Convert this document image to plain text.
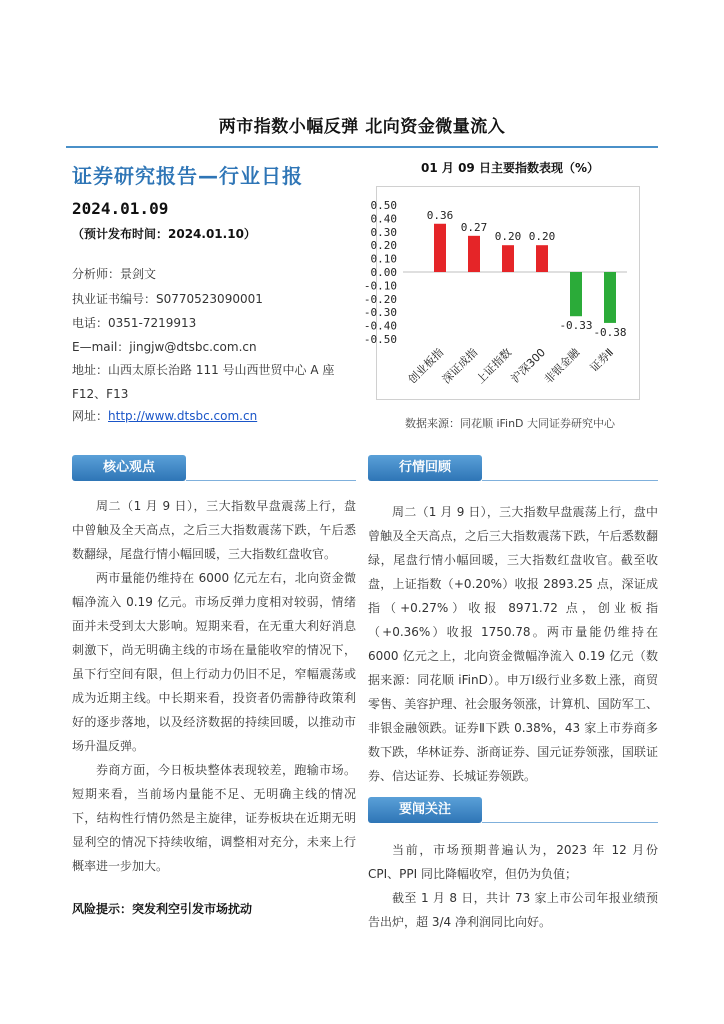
两市指数小幅反弹 北向资金微量流入
证券研究报告—行业日报
2024.01.09
（预计发布时间：2024.01.10）
分析师：景剑文
执业证书编号：S0770523090001
电话：0351-7219913
E—mail：jingjw@dtsbc.com.cn
地址：山西太原长治路 111 号山西世贸中心 A 座
F12、F13
网址：http://www.dtsbc.com.cn
01 月 09 日主要指数表现（%）
0.50
0.40
0.30
0.20
0.10
0.00
-0.10
-0.20
-0.30
-0.40
-0.50
0.36
创业板指
0.27
深证成指
0.20
上证指数
0.20
沪深300
-0.33
非银金融
-0.38
证券Ⅱ
数据来源：同花顺 iFinD 大同证券研究中心
核心观点

周二（1 月 9 日），三大指数早盘震荡上行，盘中曾触及全天高点，之后三大指数震荡下跌，午后悉数翻绿，尾盘行情小幅回暖，三大指数红盘收官。

两市量能仍维持在 6000 亿元左右，北向资金微幅净流入 0.19 亿元。市场反弹力度相对较弱，情绪面并未受到太大影响。短期来看，在无重大利好消息刺激下，尚无明确主线的市场在量能收窄的情况下，虽下行空间有限，但上行动力仍旧不足，窄幅震荡或成为近期主线。中长期来看，投资者仍需静待政策利好的逐步落地，以及经济数据的持续回暖，以推动市场升温反弹。

券商方面，今日板块整体表现较差，跑输市场。短期来看，当前场内量能不足、无明确主线的情况下，结构性行情仍然是主旋律，证券板块在近期无明显利空的情况下持续收缩，调整相对充分，未来上行概率进一步加大。

风险提示：突发利空引发市场扰动
行情回顾

周二（1 月 9 日），三大指数早盘震荡上行，盘中曾触及全天高点，之后三大指数震荡下跌，午后悉数翻绿，尾盘行情小幅回暖，三大指数红盘收官。截至收盘，上证指数（+0.20%）收报 2893.25 点，深证成指（+0.27%）收报 8971.72 点，创业板指（+0.36%）收报 1750.78。两市量能仍维持在 6000 亿元之上，北向资金微幅净流入 0.19 亿元（数据来源：同花顺 iFinD）。申万Ⅰ级行业多数上涨，商贸零售、美容护理、社会服务领涨，计算机、国防军工、非银金融领跌。证券Ⅱ下跌 0.38%，43 家上市券商多数下跌，华林证券、浙商证券、国元证券领涨，国联证券、信达证券、长城证券领跌。

要闻关注

当前，市场预期普遍认为，2023 年 12 月份 CPI、PPI 同比降幅收窄，但仍为负值；

截至 1 月 8 日，共计 73 家上市公司年报业绩预告出炉，超 3/4 净利润同比向好。
